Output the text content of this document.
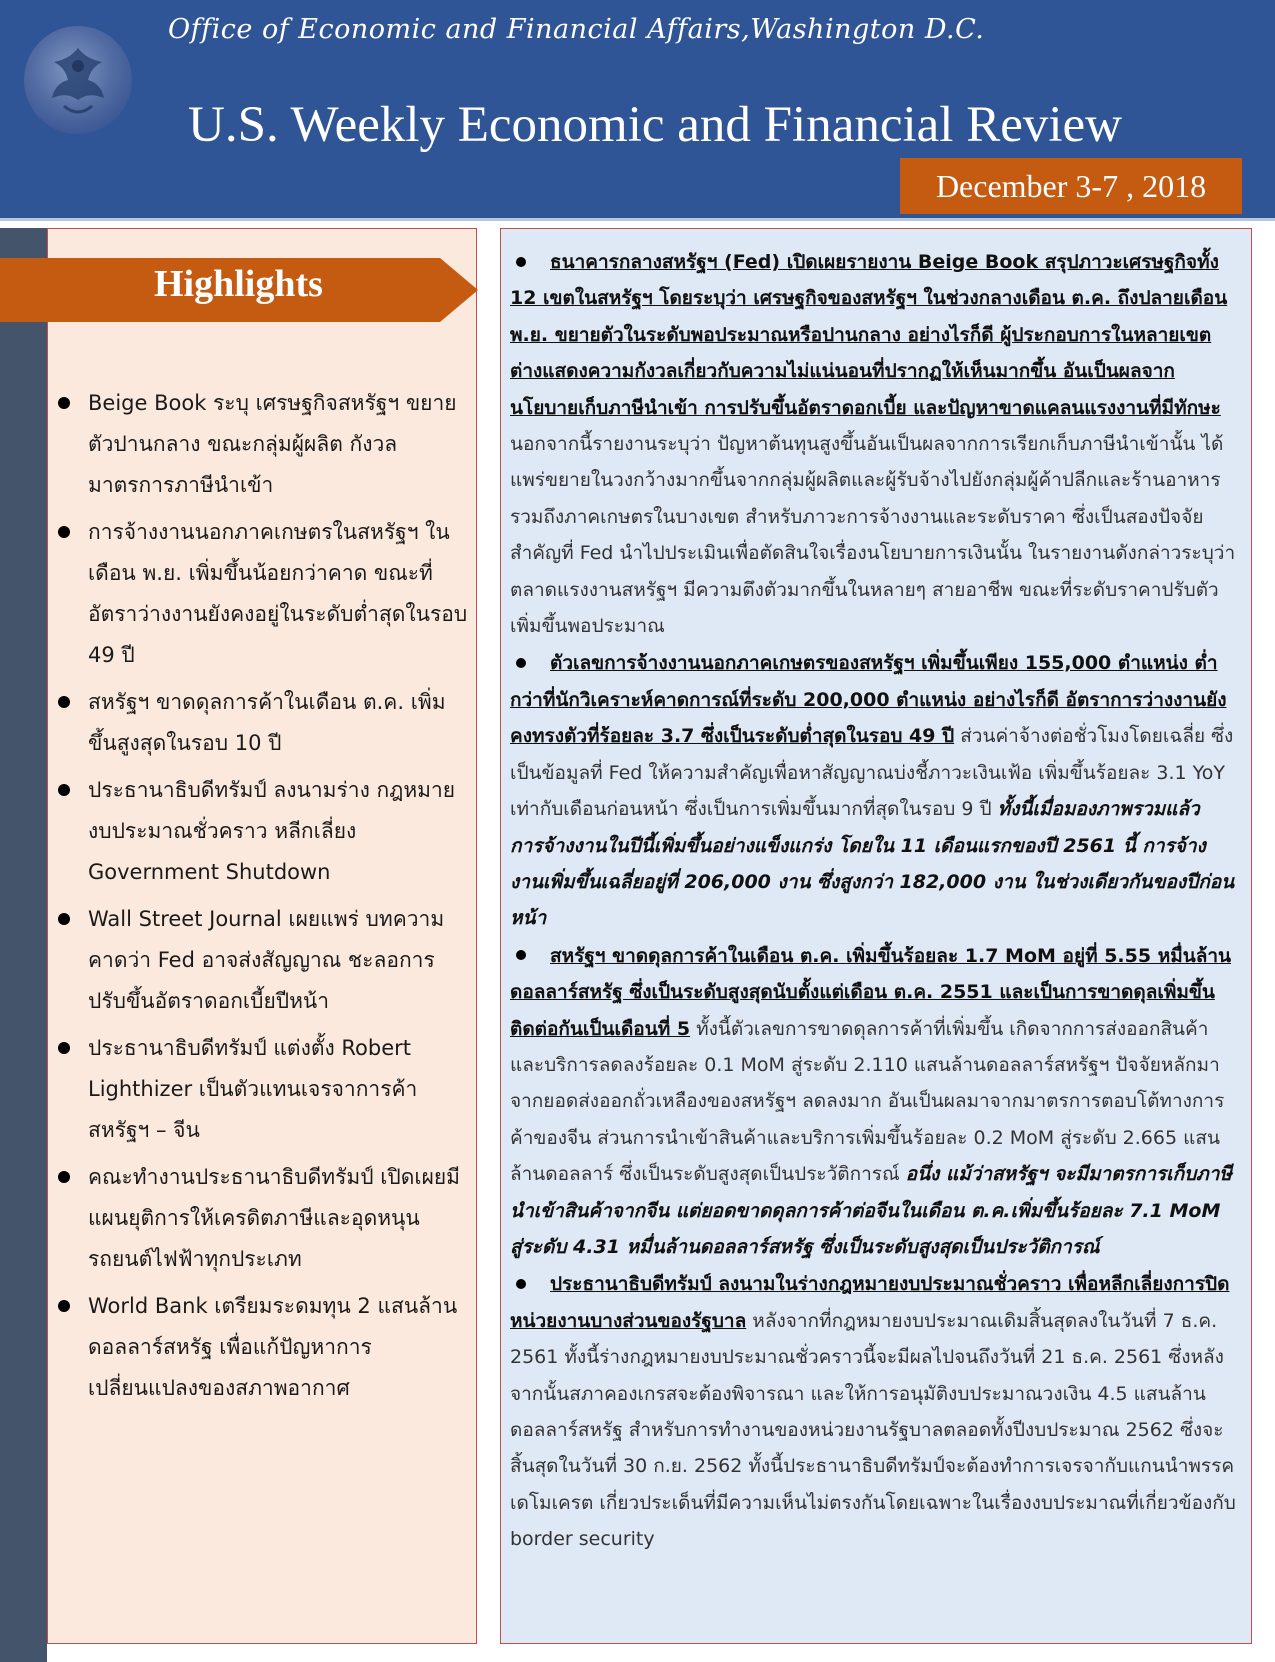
Office of Economic and Financial Affairs,Washington D.C.
U.S. Weekly Economic and Financial Review
December 3-7 , 2018
Highlights
Beige Book ระบุ เศรษฐกิจสหรัฐฯ ขยายตัวปานกลาง ขณะกลุ่มผู้ผลิต กังวลมาตรการภาษีนำเข้า
การจ้างงานนอกภาคเกษตรในสหรัฐฯ ในเดือน พ.ย. เพิ่มขึ้นน้อยกว่าคาด ขณะที่อัตราว่างงานยังคงอยู่ในระดับต่ำสุดในรอบ 49 ปี
สหรัฐฯ ขาดดุลการค้าในเดือน ต.ค. เพิ่มขึ้นสูงสุดในรอบ 10 ปี
ประธานาธิบดีทรัมป์ ลงนามร่าง กฎหมายงบประมาณชั่วคราว หลีกเลี่ยง Government Shutdown
Wall Street Journal เผยแพร่ บทความ คาดว่า Fed อาจส่งสัญญาณ ชะลอการปรับขึ้นอัตราดอกเบี้ยปีหน้า
ประธานาธิบดีทรัมป์ แต่งตั้ง Robert Lighthizer เป็นตัวแทนเจรจาการค้า สหรัฐฯ – จีน
คณะทำงานประธานาธิบดีทรัมป์ เปิดเผยมีแผนยุติการให้เครดิตภาษีและอุดหนุนรถยนต์ไฟฟ้าทุกประเภท
World Bank เตรียมระดมทุน 2 แสนล้านดอลลาร์สหรัฐ เพื่อแก้ปัญหาการเปลี่ยนแปลงของสภาพอากาศ

ธนาคารกลางสหรัฐฯ (Fed) เปิดเผยรายงาน Beige Book สรุปภาวะเศรษฐกิจทั้ง 12 เขตในสหรัฐฯ โดยระบุว่า เศรษฐกิจของสหรัฐฯ ในช่วงกลางเดือน ต.ค. ถึงปลายเดือน พ.ย. ขยายตัวในระดับพอประมาณหรือปานกลาง อย่างไรก็ดี ผู้ประกอบการในหลายเขตต่างแสดงความกังวลเกี่ยวกับความไม่แน่นอนที่ปรากฏให้เห็นมากขึ้น อันเป็นผลจากนโยบายเก็บภาษีนำเข้า การปรับขึ้นอัตราดอกเบี้ย และปัญหาขาดแคลนแรงงานที่มีทักษะ นอกจากนี้รายงานระบุว่า ปัญหาต้นทุนสูงขึ้นอันเป็นผลจากการเรียกเก็บภาษีนำเข้านั้น ได้แพร่ขยายในวงกว้างมากขึ้นจากกลุ่มผู้ผลิตและผู้รับจ้างไปยังกลุ่มผู้ค้าปลีกและร้านอาหาร รวมถึงภาคเกษตรในบางเขต สำหรับภาวะการจ้างงานและระดับราคา ซึ่งเป็นสองปัจจัยสำคัญที่ Fed นำไปประเมินเพื่อตัดสินใจเรื่องนโยบายการเงินนั้น ในรายงานดังกล่าวระบุว่า ตลาดแรงงานสหรัฐฯ มีความตึงตัวมากขึ้นในหลายๆ สายอาชีพ ขณะที่ระดับราคาปรับตัวเพิ่มขึ้นพอประมาณ

ตัวเลขการจ้างงานนอกภาคเกษตรของสหรัฐฯ เพิ่มขึ้นเพียง 155,000 ตำแหน่ง ต่ำกว่าที่นักวิเคราะห์คาดการณ์ที่ระดับ 200,000 ตำแหน่ง อย่างไรก็ดี อัตราการว่างงานยังคงทรงตัวที่ร้อยละ 3.7 ซึ่งเป็นระดับต่ำสุดในรอบ 49 ปี ส่วนค่าจ้างต่อชั่วโมงโดยเฉลี่ย ซึ่งเป็นข้อมูลที่ Fed ให้ความสำคัญเพื่อหาสัญญาณบ่งชี้ภาวะเงินเฟ้อ เพิ่มขึ้นร้อยละ 3.1 YoY เท่ากับเดือนก่อนหน้า ซึ่งเป็นการเพิ่มขึ้นมากที่สุดในรอบ 9 ปี ทั้งนี้เมื่อมองภาพรวมแล้ว การจ้างงานในปีนี้เพิ่มขึ้นอย่างแข็งแกร่ง โดยใน 11 เดือนแรกของปี 2561 นี้ การจ้างงานเพิ่มขึ้นเฉลี่ยอยู่ที่ 206,000 งาน ซึ่งสูงกว่า 182,000 งาน ในช่วงเดียวกันของปีก่อนหน้า

สหรัฐฯ ขาดดุลการค้าในเดือน ต.ค. เพิ่มขึ้นร้อยละ 1.7 MoM อยู่ที่ 5.55 หมื่นล้านดอลลาร์สหรัฐ ซึ่งเป็นระดับสูงสุดนับตั้งแต่เดือน ต.ค. 2551 และเป็นการขาดดุลเพิ่มขึ้นติดต่อกันเป็นเดือนที่ 5 ทั้งนี้ตัวเลขการขาดดุลการค้าที่เพิ่มขึ้น เกิดจากการส่งออกสินค้าและบริการลดลงร้อยละ 0.1 MoM สู่ระดับ 2.110 แสนล้านดอลลาร์สหรัฐฯ ปัจจัยหลักมาจากยอดส่งออกถั่วเหลืองของสหรัฐฯ ลดลงมาก อันเป็นผลมาจากมาตรการตอบโต้ทางการค้าของจีน ส่วนการนำเข้าสินค้าและบริการเพิ่มขึ้นร้อยละ 0.2 MoM สู่ระดับ 2.665 แสนล้านดอลลาร์ ซึ่งเป็นระดับสูงสุดเป็นประวัติการณ์ อนึ่ง แม้ว่าสหรัฐฯ จะมีมาตรการเก็บภาษีนำเข้าสินค้าจากจีน แต่ยอดขาดดุลการค้าต่อจีนในเดือน ต.ค.เพิ่มขึ้นร้อยละ 7.1 MoM สู่ระดับ 4.31 หมื่นล้านดอลลาร์สหรัฐ ซึ่งเป็นระดับสูงสุดเป็นประวัติการณ์

ประธานาธิบดีทรัมป์ ลงนามในร่างกฎหมายงบประมาณชั่วคราว เพื่อหลีกเลี่ยงการปิดหน่วยงานบางส่วนของรัฐบาล หลังจากที่กฎหมายงบประมาณเดิมสิ้นสุดลงในวันที่ 7 ธ.ค. 2561 ทั้งนี้ร่างกฎหมายงบประมาณชั่วคราวนี้จะมีผลไปจนถึงวันที่ 21 ธ.ค. 2561 ซึ่งหลังจากนั้นสภาคองเกรสจะต้องพิจารณา และให้การอนุมัติงบประมาณวงเงิน 4.5 แสนล้านดอลลาร์สหรัฐ สำหรับการทำงานของหน่วยงานรัฐบาลตลอดทั้งปีงบประมาณ 2562 ซึ่งจะสิ้นสุดในวันที่ 30 ก.ย. 2562 ทั้งนี้ประธานาธิบดีทรัมป์จะต้องทำการเจรจากับแกนนำพรรคเดโมเครต เกี่ยวประเด็นที่มีความเห็นไม่ตรงกันโดยเฉพาะในเรื่องงบประมาณที่เกี่ยวข้องกับ border security
